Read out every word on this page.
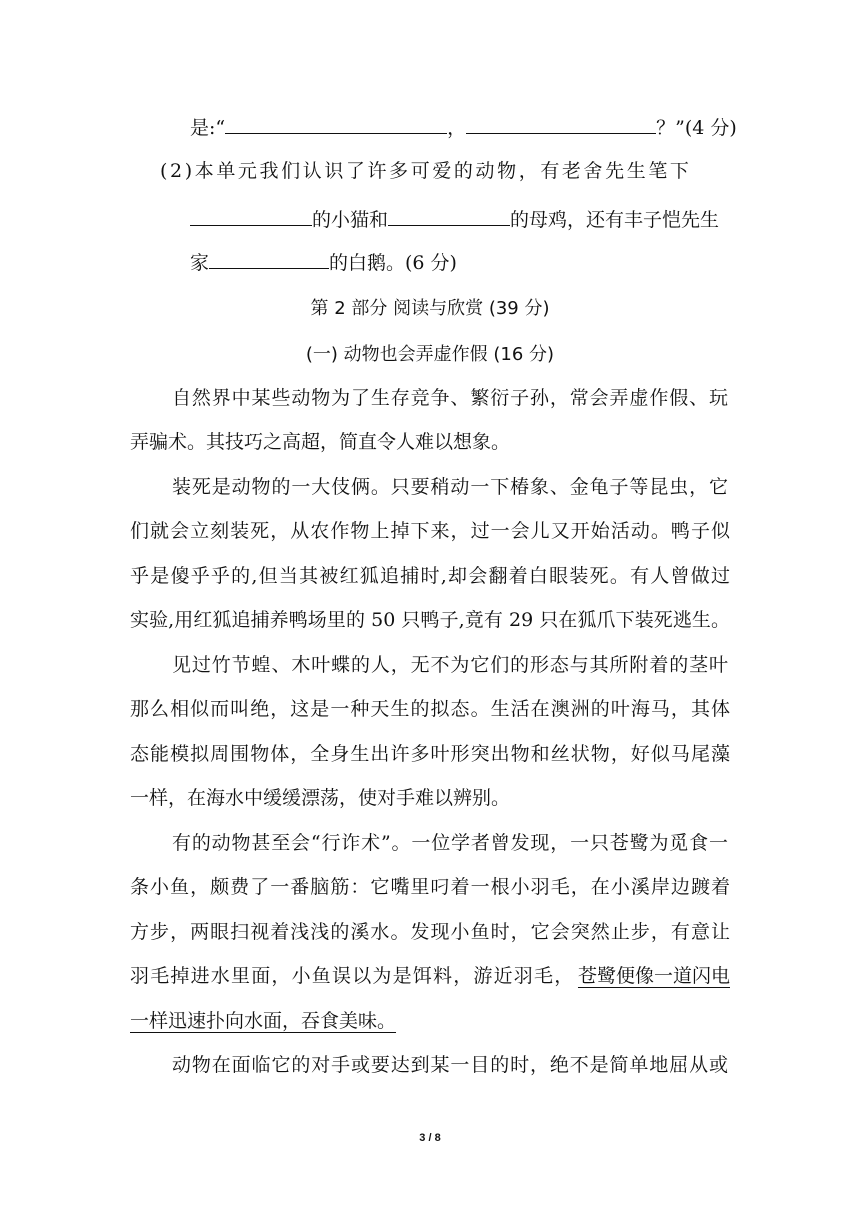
是:“	，	？”(4 分)
(2)本单元我们认识了许多可爱的动物，有老舍先生笔下
的小猫和	的母鸡，还有丰子恺先生
家	的白鹅。(6 分)
第 2 部分 阅读与欣赏 (39 分)
(一) 动物也会弄虚作假 (16 分)
自然界中某些动物为了生存竞争、繁衍子孙，常会弄虚作假、玩
弄骗术。其技巧之高超，简直令人难以想象。
装死是动物的一大伎俩。只要稍动一下椿象、金龟子等昆虫，它
们就会立刻装死，从农作物上掉下来，过一会儿又开始活动。鸭子似
乎是傻乎乎的,但当其被红狐追捕时,却会翻着白眼装死。有人曾做过
实验,用红狐追捕养鸭场里的 50 只鸭子,竟有 29 只在狐爪下装死逃生。
见过竹节蝗、木叶蝶的人，无不为它们的形态与其所附着的茎叶
那么相似而叫绝，这是一种天生的拟态。生活在澳洲的叶海马，其体
态能模拟周围物体，全身生出许多叶形突出物和丝状物，好似马尾藻
一样，在海水中缓缓漂荡，使对手难以辨别。
有的动物甚至会“行诈术”。一位学者曾发现，一只苍鹭为觅食一
条小鱼，颇费了一番脑筋：它嘴里叼着一根小羽毛，在小溪岸边踱着
方步，两眼扫视着浅浅的溪水。发现小鱼时，它会突然止步，有意让
羽毛掉进水里面，小鱼误以为是饵料，游近羽毛， 苍鹭便像一道闪电
一样迅速扑向水面，吞食美味。
动物在面临它的对手或要达到某一目的时，绝不是简单地屈从或
3 / 8
